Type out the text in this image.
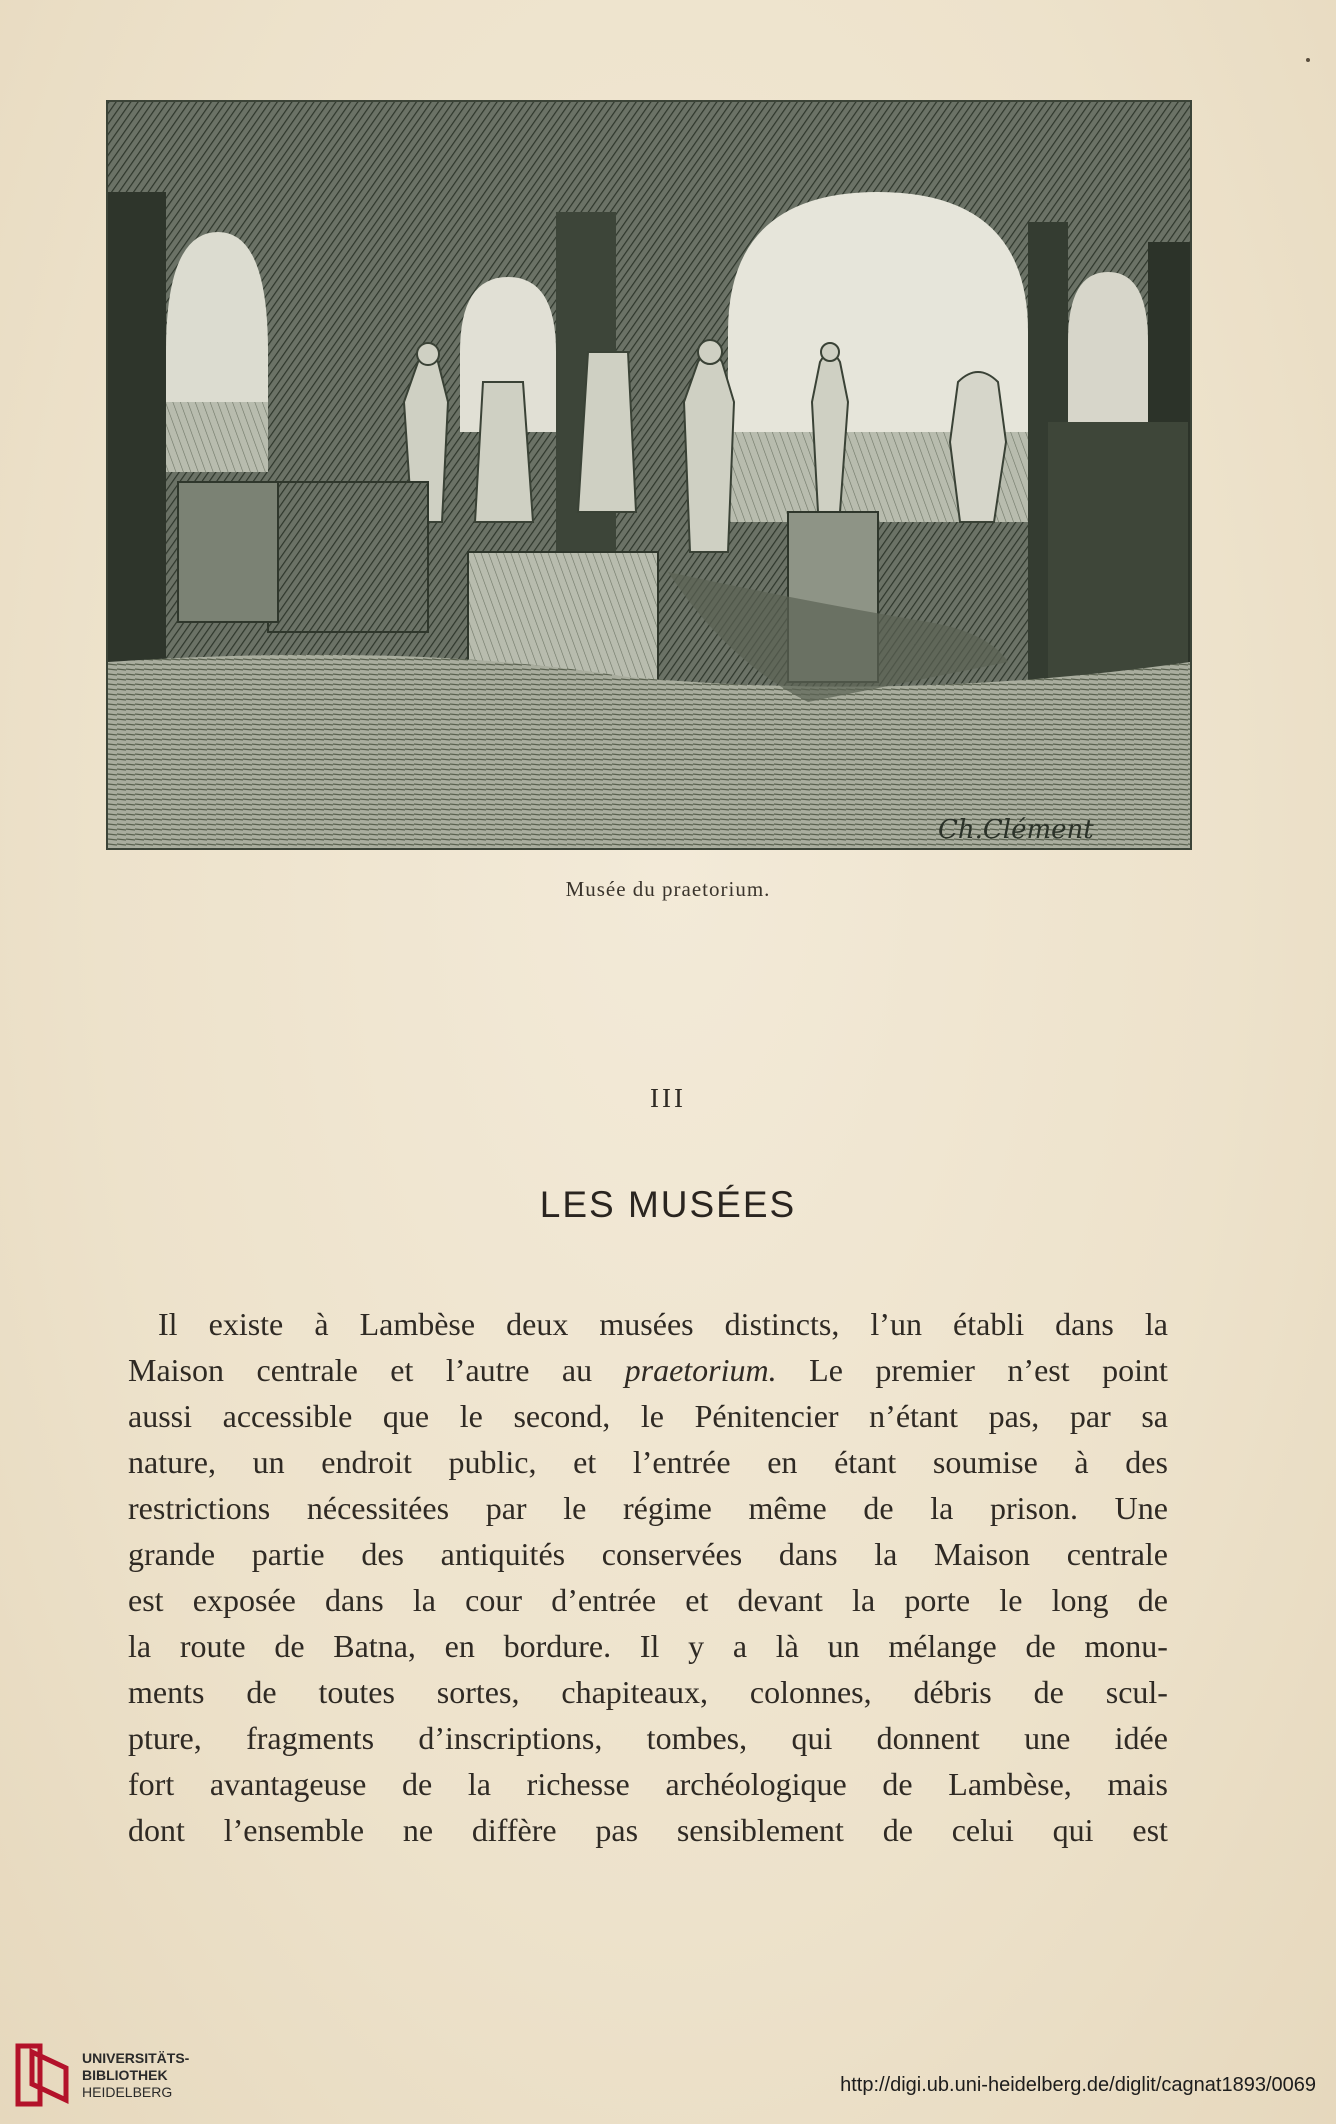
Ch.Clément
Musée du praetorium.
III
LES MUSÉES
Il existe à Lambèse deux musées distincts, l’un établi dans la
Maison centrale et l’autre au praetorium. Le premier n’est point
aussi accessible que le second, le Pénitencier n’étant pas, par sa
nature, un endroit public, et l’entrée en étant soumise à des
restrictions nécessitées par le régime même de la prison. Une
grande partie des antiquités conservées dans la Maison centrale
est exposée dans la cour d’entrée et devant la porte le long de
la route de Batna, en bordure. Il y a là un mélange de monu-
ments de toutes sortes, chapiteaux, colonnes, débris de scul-
pture, fragments d’inscriptions, tombes, qui donnent une idée
fort avantageuse de la richesse archéologique de Lambèse, mais
dont l’ensemble ne diffère pas sensiblement de celui qui est
UNIVERSITÄTS-
BIBLIOTHEK
HEIDELBERG	http://digi.ub.uni-heidelberg.de/diglit/cagnat1893/0069
